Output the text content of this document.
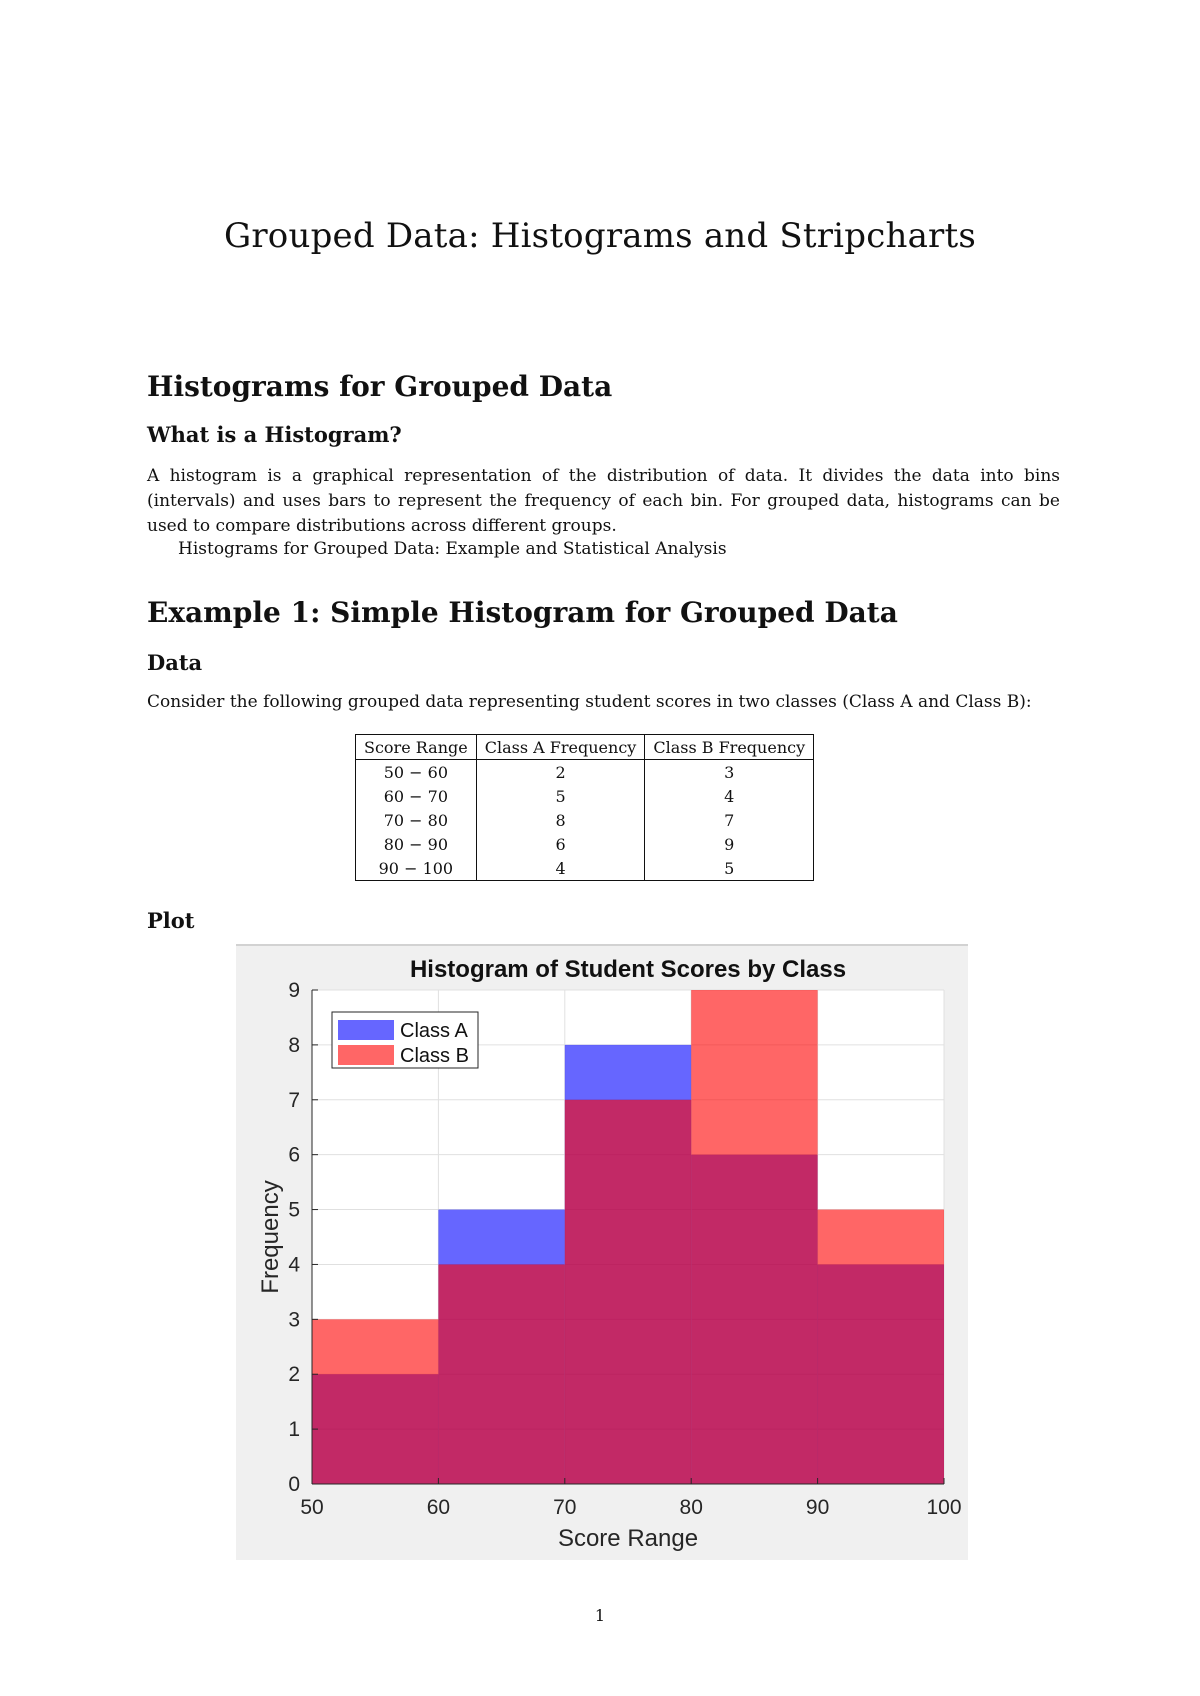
Grouped Data: Histograms and Stripcharts
Histograms for Grouped Data
What is a Histogram?

A histogram is a graphical representation of the distribution of data. It divides the data into bins (intervals) and uses bars to represent the frequency of each bin. For grouped data, histograms can be used to compare distributions across different groups.

Histograms for Grouped Data: Example and Statistical Analysis

Example 1: Simple Histogram for Grouped Data
Data

Consider the following grouped data representing student scores in two classes (Class A and Class B):

Score Range	Class A Frequency	Class B Frequency
50 − 60	2	3
60 − 70	5	4
70 − 80	8	7
80 − 90	6	9
90 − 100	4	5
Plot
50	60	70	80	90	100
0
1
2
3
4
5
6
7
8
9
Histogram of Student Scores by Class
Score Range
Frequency
Class A
Class B

1
